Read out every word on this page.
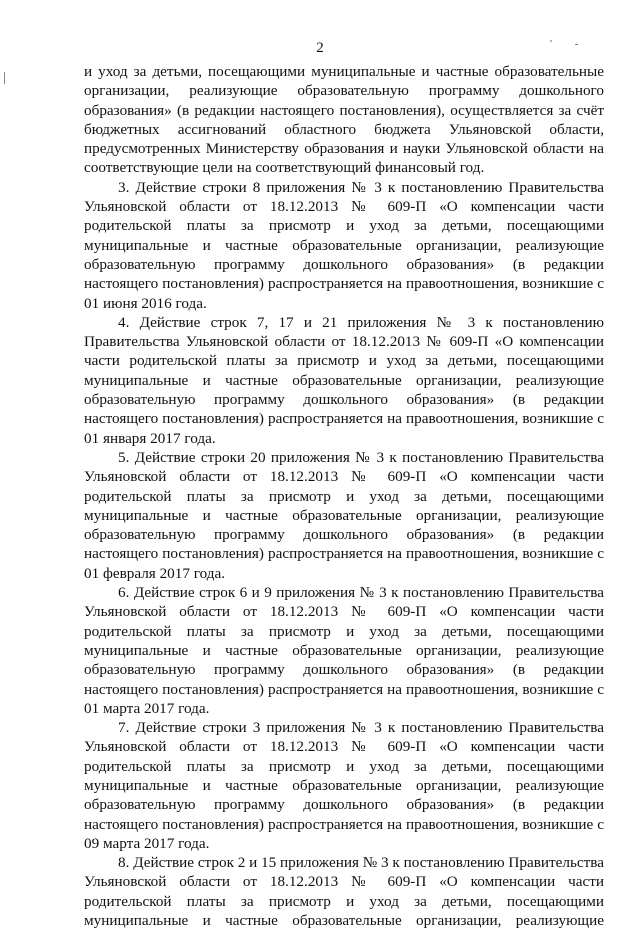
2	' -

и уход за детьми, посещающими муниципальные и частные образовательные организации, реализующие образовательную программу дошкольного образования» (в редакции настоящего постановления), осуществляется за счёт бюджетных ассигнований областного бюджета Ульяновской области, предусмотренных Министерству образования и науки Ульяновской области на соответствующие цели на соответствующий финансовый год.

3. Действие строки 8 приложения № 3 к постановлению Правительства Ульяновской области от 18.12.2013 № 609-П «О компенсации части родительской платы за присмотр и уход за детьми, посещающими муниципальные и частные образовательные организации, реализующие образовательную программу дошкольного образования» (в редакции настоящего постановления) распространяется на правоотношения, возникшие с 01 июня 2016 года.

4. Действие строк 7, 17 и 21 приложения № 3 к постановлению Правительства Ульяновской области от 18.12.2013 № 609-П «О компенсации части родительской платы за присмотр и уход за детьми, посещающими муниципальные и частные образовательные организации, реализующие образовательную программу дошкольного образования» (в редакции настоящего постановления) распространяется на правоотношения, возникшие с 01 января 2017 года.

5. Действие строки 20 приложения № 3 к постановлению Правительства Ульяновской области от 18.12.2013 № 609-П «О компенсации части родительской платы за присмотр и уход за детьми, посещающими муниципальные и частные образовательные организации, реализующие образовательную программу дошкольного образования» (в редакции настоящего постановления) распространяется на правоотношения, возникшие с 01 февраля 2017 года.

6. Действие строк 6 и 9 приложения № 3 к постановлению Правительства Ульяновской области от 18.12.2013 № 609-П «О компенсации части родительской платы за присмотр и уход за детьми, посещающими муниципальные и частные образовательные организации, реализующие образовательную программу дошкольного образования» (в редакции настоящего постановления) распространяется на правоотношения, возникшие с 01 марта 2017 года.

7. Действие строки 3 приложения № 3 к постановлению Правительства Ульяновской области от 18.12.2013 № 609-П «О компенсации части родительской платы за присмотр и уход за детьми, посещающими муниципальные и частные образовательные организации, реализующие образовательную программу дошкольного образования» (в редакции настоящего постановления) распространяется на правоотношения, возникшие с 09 марта 2017 года.

8. Действие строк 2 и 15 приложения № 3 к постановлению Правительства Ульяновской области от 18.12.2013 № 609-П «О компенсации части родительской платы за присмотр и уход за детьми, посещающими муниципальные и частные образовательные организации, реализующие
